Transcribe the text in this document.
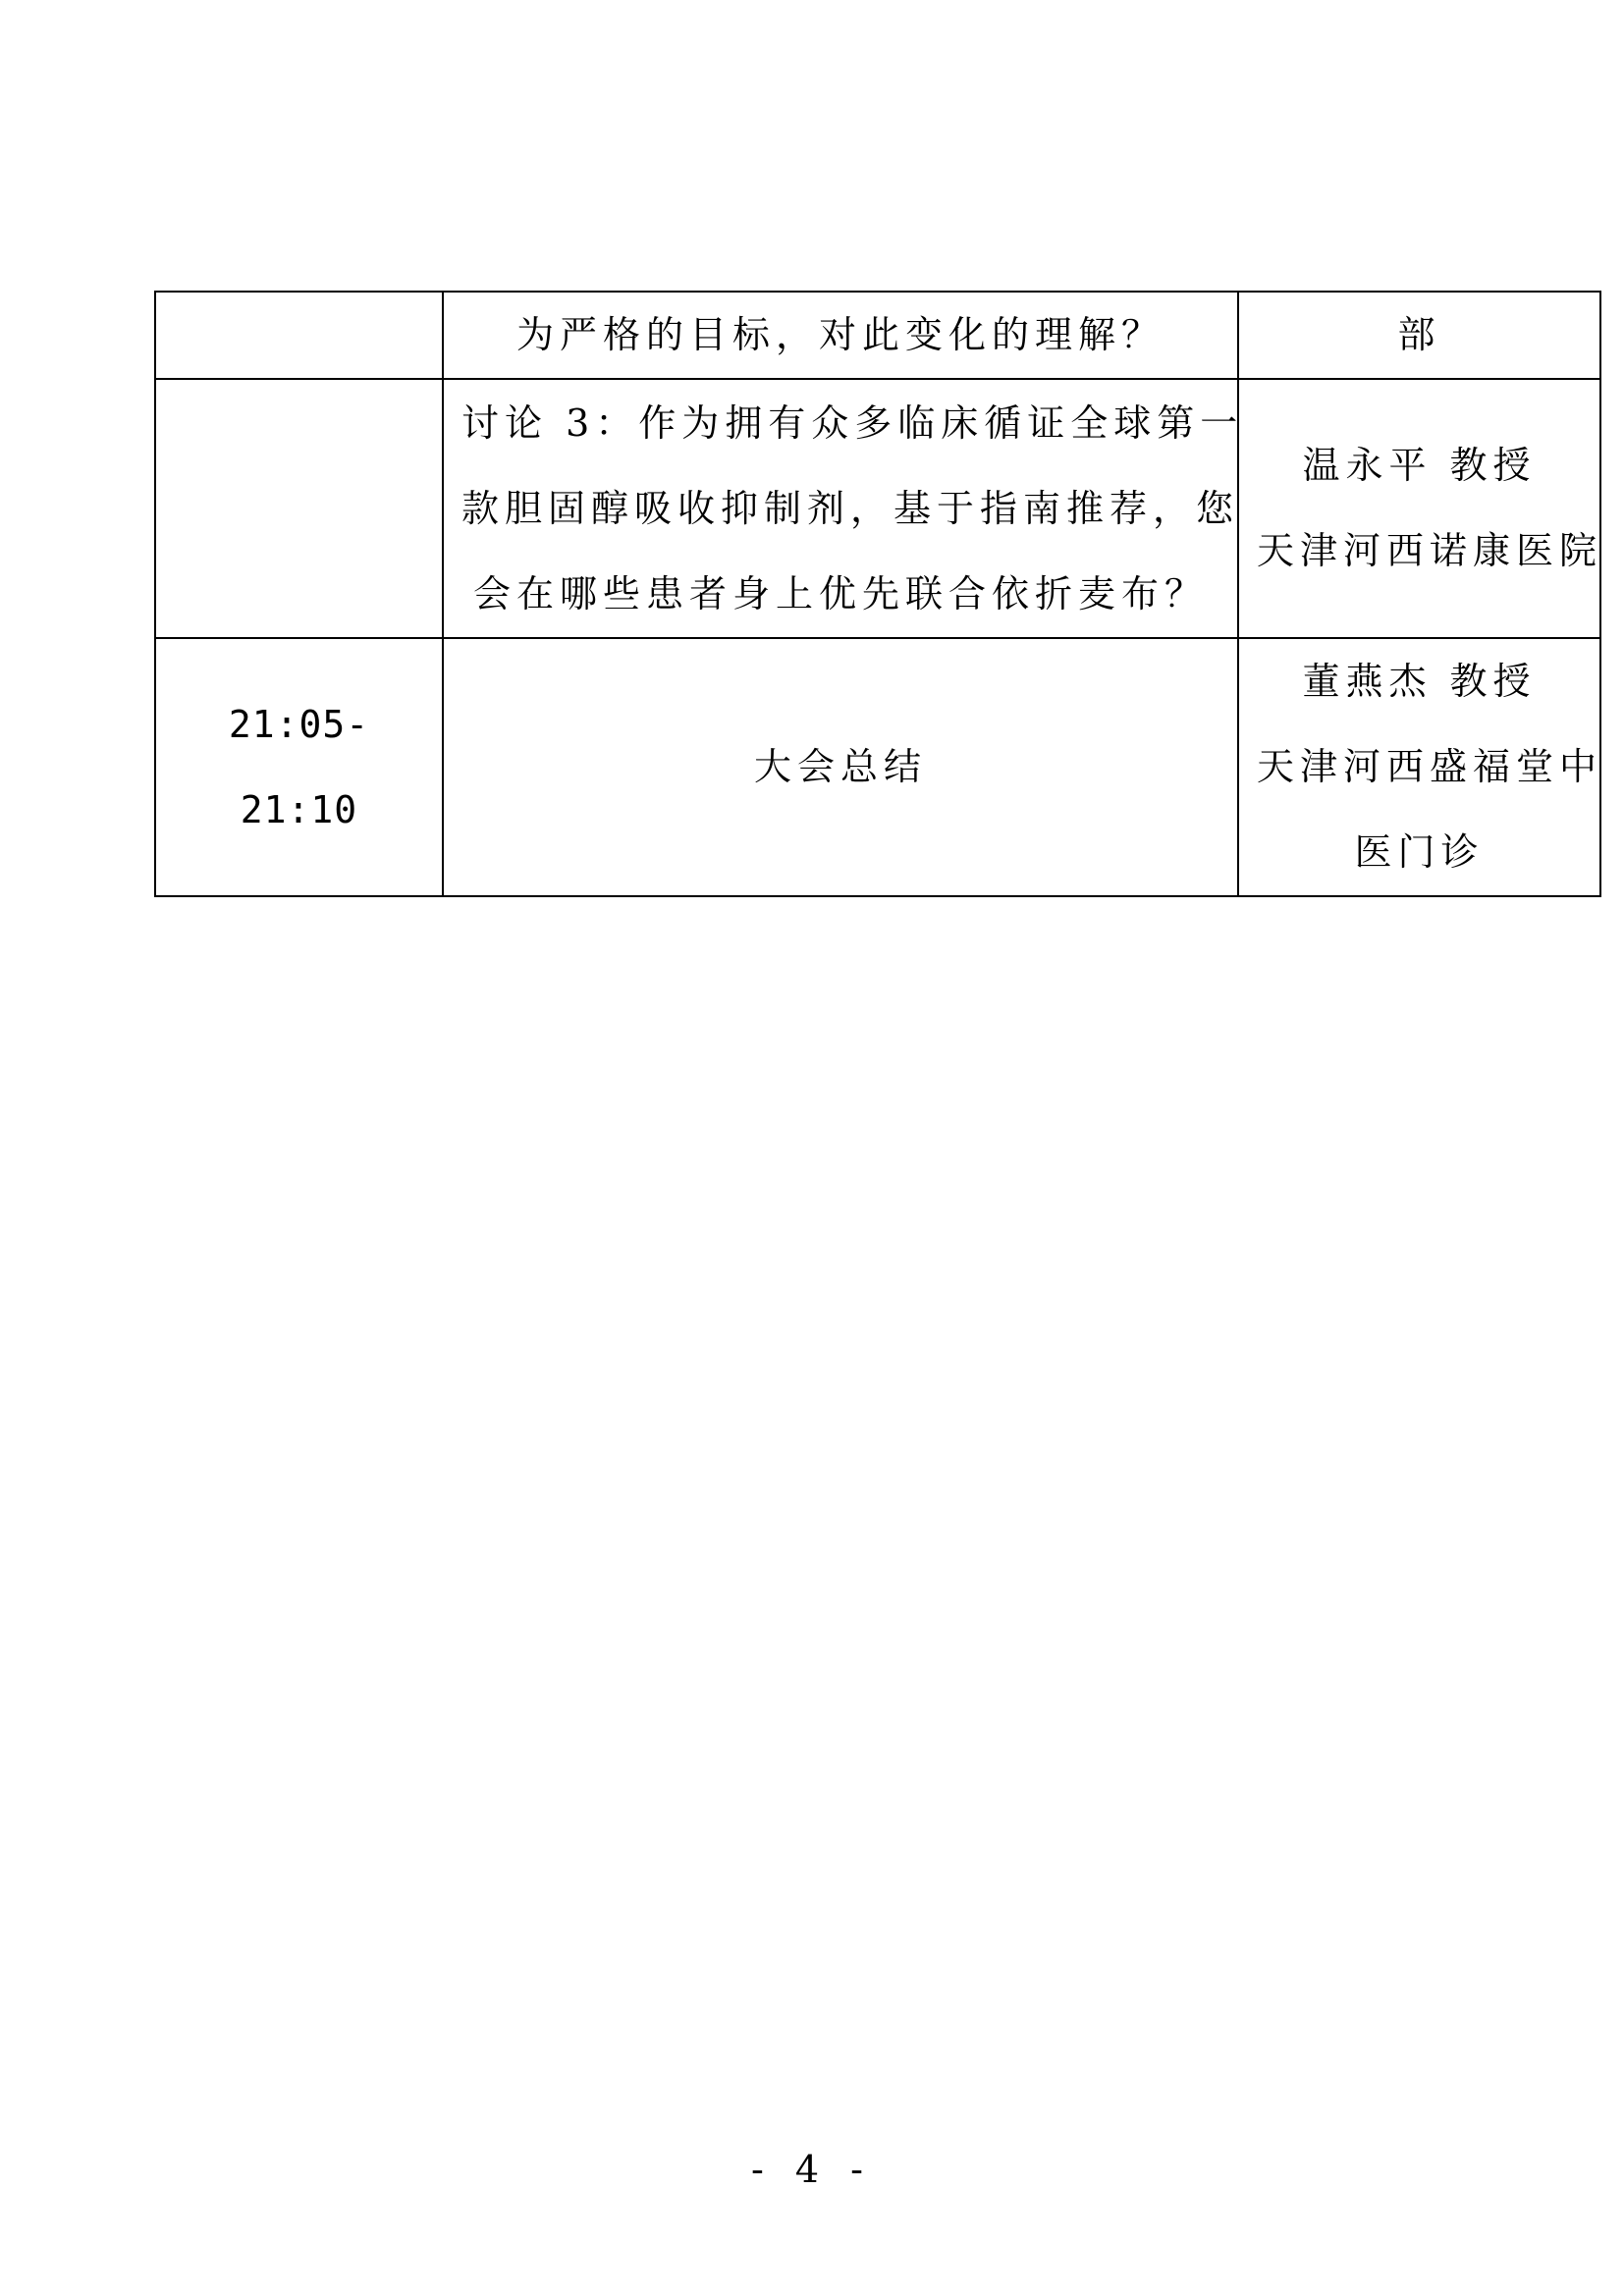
	为严格的目标，对此变化的理解？	部

	讨论 3：作为拥有众多临床循证全球第一
款胆固醇吸收抑制剂，基于指南推荐，您
会在哪些患者身上优先联合依折麦布？	温永平 教授
天津河西诺康医院

21:05-21:10	大会总结	董燕杰 教授
天津河西盛福堂中
医门诊
- 4 -
